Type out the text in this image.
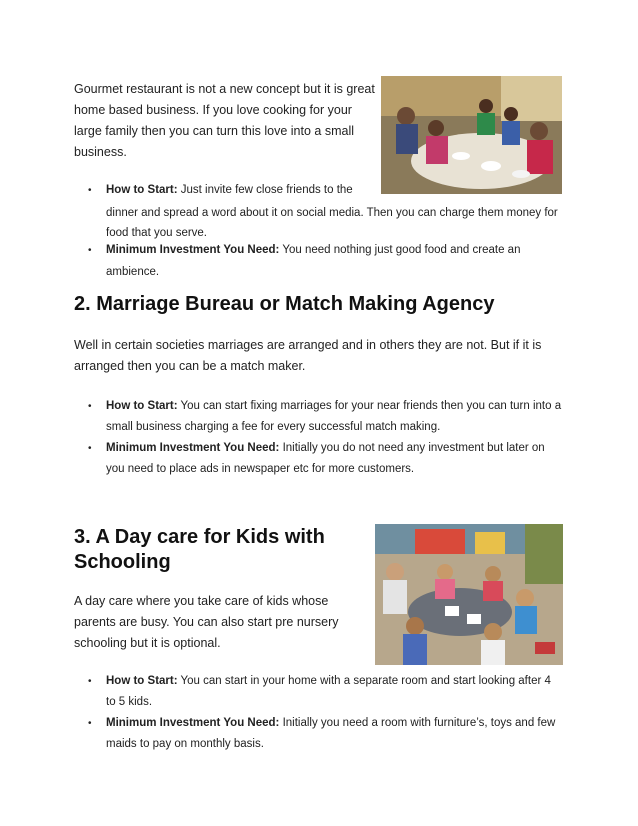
Gourmet restaurant is not a new concept but it is great

home based business. If you love cooking for your

large family then you can turn this love into a small

business.

• How to Start: Just invite few close friends to the
dinner and spread a word about it on social media. Then you can charge them money for
food that you serve.
• Minimum Investment You Need: You need nothing just good food and create an
ambience.
2. Marriage Bureau or Match Making Agency

Well in certain societies marriages are arranged and in others they are not. But if it is

arranged then you can be a match maker.

• How to Start: You can start fixing marriages for your near friends then you can turn into a
small business charging a fee for every successful match making.
• Minimum Investment You Need: Initially you do not need any investment but later on
you need to place ads in newspaper etc for more customers.
3. A Day care for Kids with
Schooling

A day care where you take care of kids whose

parents are busy. You can also start pre nursery

schooling but it is optional.

• How to Start: You can start in your home with a separate room and start looking after 4
to 5 kids.
• Minimum Investment You Need: Initially you need a room with furniture’s, toys and few
maids to pay on monthly basis.
